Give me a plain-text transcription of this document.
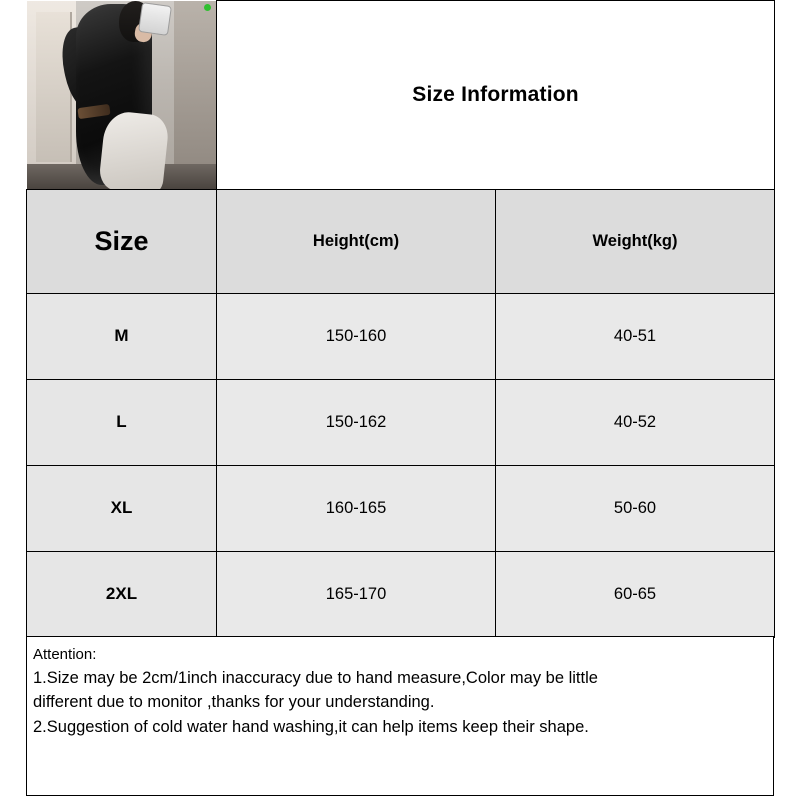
	Size Information	
Size	Height(cm)	Weight(kg)
M	150-160	40-51
L	150-162	40-52
XL	160-165	50-60
2XL	165-170	60-65

Attention:

1.Size may be 2cm/1inch inaccuracy due to hand measure,Color may be little

different due to monitor ,thanks for your understanding.

2.Suggestion of cold water hand washing,it can help items keep their shape.
